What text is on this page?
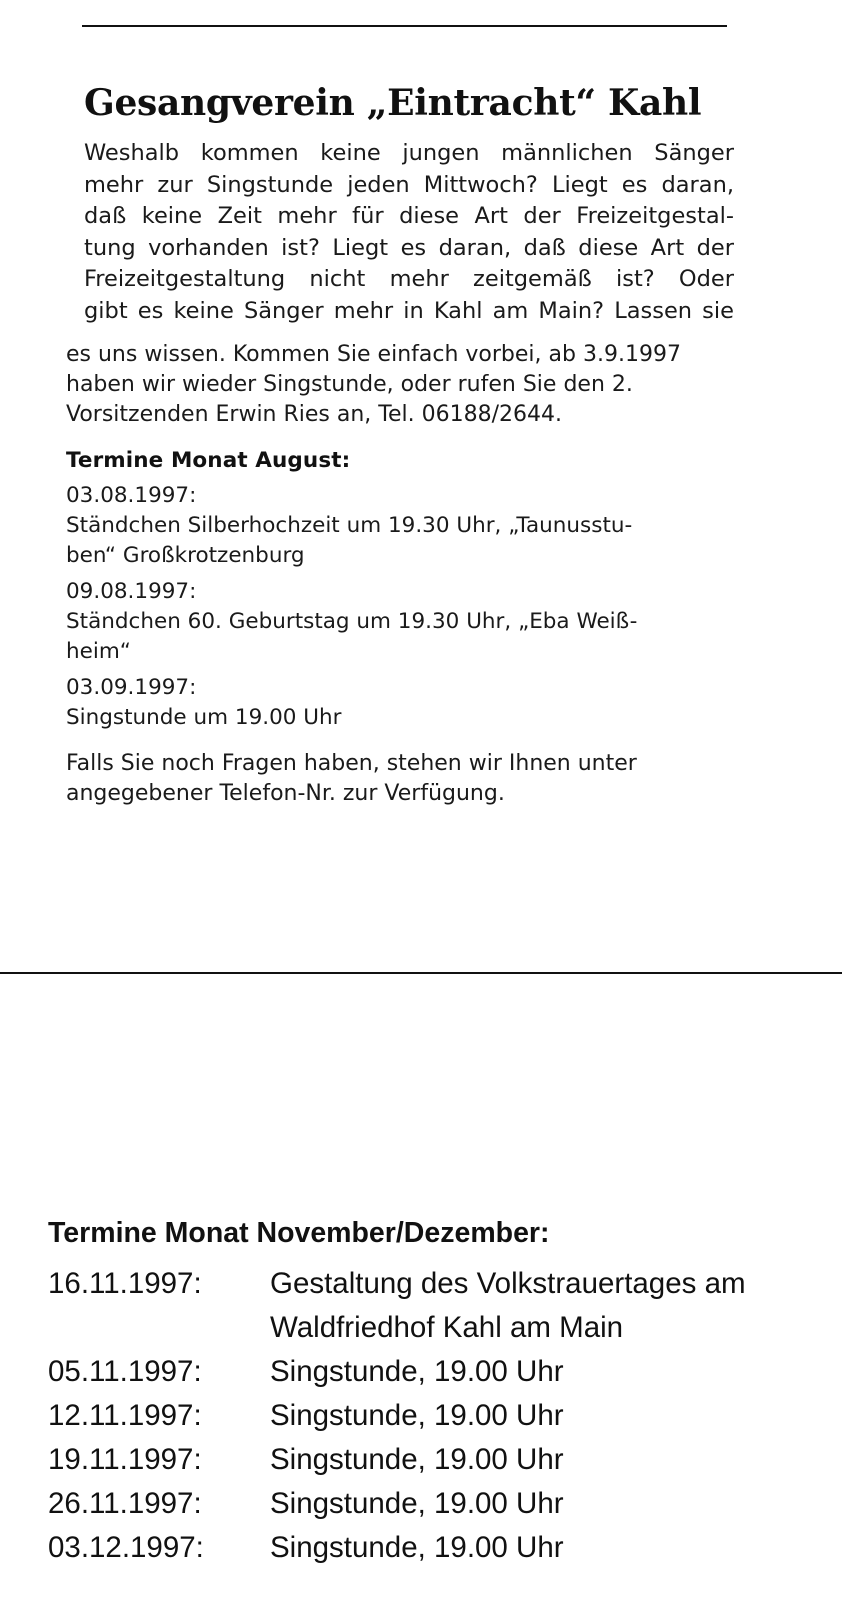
Gesangverein „Eintracht“ Kahl

Weshalb kommen keine jungen männlichen Sänger
mehr zur Singstunde jeden Mittwoch? Liegt es daran,
daß keine Zeit mehr für diese Art der Freizeitgestal-
tung vorhanden ist? Liegt es daran, daß diese Art der
Freizeitgestaltung nicht mehr zeitgemäß ist? Oder
gibt es keine Sänger mehr in Kahl am Main? Lassen sie

es uns wissen. Kommen Sie einfach vorbei, ab 3.9.1997
haben wir wieder Singstunde, oder rufen Sie den 2.
Vorsitzenden Erwin Ries an, Tel. 06188/2644.

Termine Monat August:
03.08.1997:
Ständchen Silberhochzeit um 19.30 Uhr, „Taunusstu-
ben“ Großkrotzenburg
09.08.1997:
Ständchen 60. Geburtstag um 19.30 Uhr, „Eba Weiß-
heim“
03.09.1997:
Singstunde um 19.00 Uhr
Falls Sie noch Fragen haben, stehen wir Ihnen unter
angegebener Telefon-Nr. zur Verfügung.
Termine Monat November/Dezember:
16.11.1997:	Gestaltung des Volkstrauertages am
Waldfriedhof Kahl am Main
05.11.1997:	Singstunde, 19.00 Uhr
12.11.1997:	Singstunde, 19.00 Uhr
19.11.1997:	Singstunde, 19.00 Uhr
26.11.1997:	Singstunde, 19.00 Uhr
03.12.1997:	Singstunde, 19.00 Uhr
